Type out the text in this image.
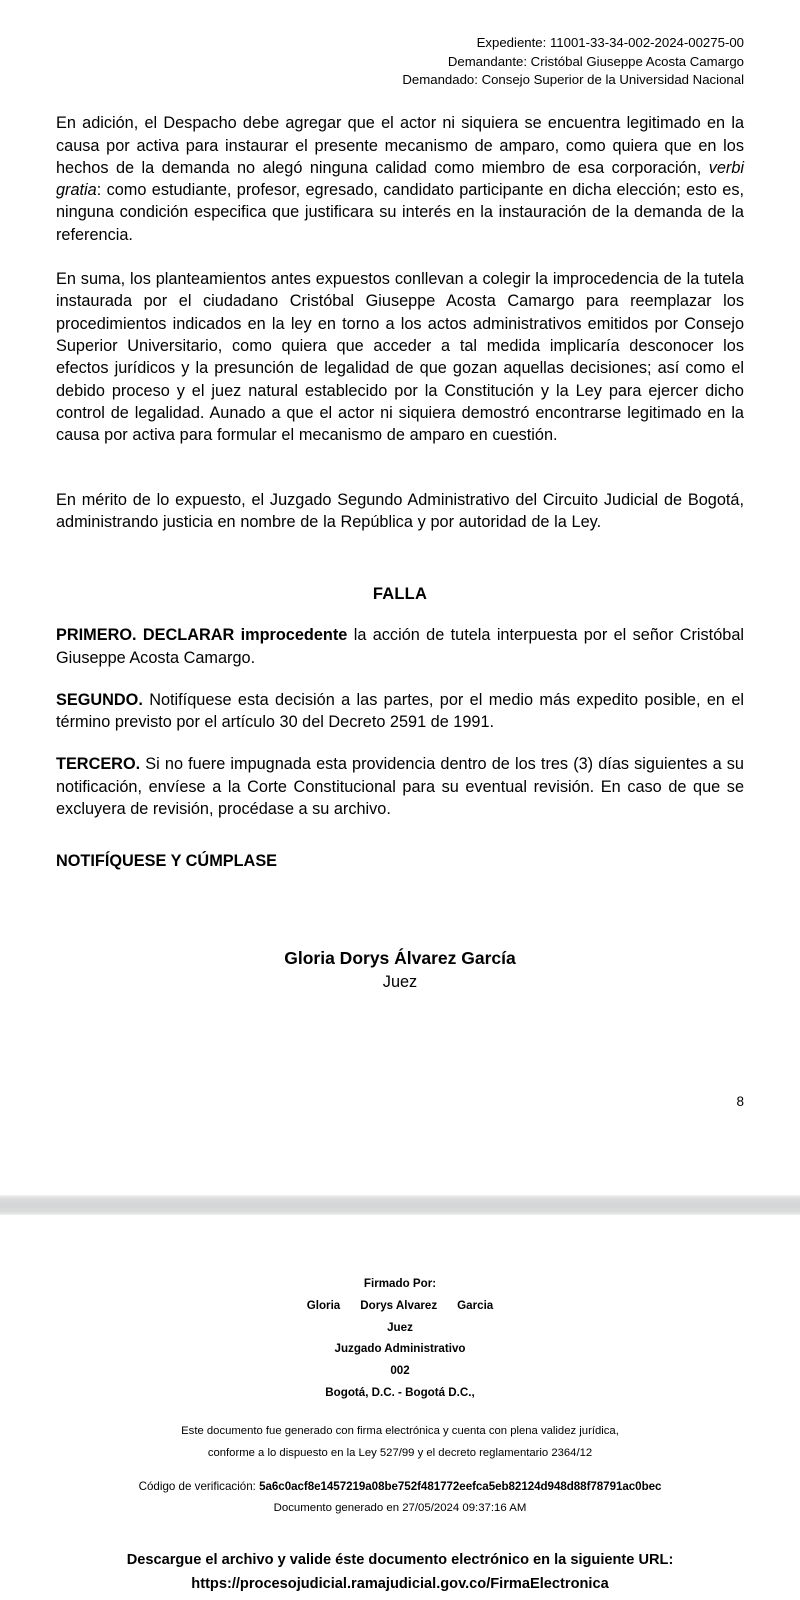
Expediente: 11001-33-34-002-2024-00275-00
Demandante: Cristóbal Giuseppe Acosta Camargo
Demandado: Consejo Superior de la Universidad Nacional

En adición, el Despacho debe agregar que el actor ni siquiera se encuentra legitimado en la causa por activa para instaurar el presente mecanismo de amparo, como quiera que en los hechos de la demanda no alegó ninguna calidad como miembro de esa corporación, verbi gratia: como estudiante, profesor, egresado, candidato participante en dicha elección; esto es, ninguna condición especifica que justificara su interés en la instauración de la demanda de la referencia.

En suma, los planteamientos antes expuestos conllevan a colegir la improcedencia de la tutela instaurada por el ciudadano Cristóbal Giuseppe Acosta Camargo para reemplazar los procedimientos indicados en la ley en torno a los actos administrativos emitidos por Consejo Superior Universitario, como quiera que acceder a tal medida implicaría desconocer los efectos jurídicos y la presunción de legalidad de que gozan aquellas decisiones; así como el debido proceso y el juez natural establecido por la Constitución y la Ley para ejercer dicho control de legalidad. Aunado a que el actor ni siquiera demostró encontrarse legitimado en la causa por activa para formular el mecanismo de amparo en cuestión.

En mérito de lo expuesto, el Juzgado Segundo Administrativo del Circuito Judicial de Bogotá, administrando justicia en nombre de la República y por autoridad de la Ley.

FALLA

PRIMERO. DECLARAR improcedente la acción de tutela interpuesta por el señor Cristóbal Giuseppe Acosta Camargo.

SEGUNDO. Notifíquese esta decisión a las partes, por el medio más expedito posible, en el término previsto por el artículo 30 del Decreto 2591 de 1991.

TERCERO. Si no fuere impugnada esta providencia dentro de los tres (3) días siguientes a su notificación, envíese a la Corte Constitucional para su eventual revisión. En caso de que se excluyera de revisión, procédase a su archivo.

NOTIFÍQUESE Y CÚMPLASE
Gloria Dorys Álvarez García
Juez
8
Firmado Por:
Gloria Dorys Alvarez Garcia
Juez
Juzgado Administrativo
002
Bogotá, D.C. - Bogotá D.C.,
Este documento fue generado con firma electrónica y cuenta con plena validez jurídica,
conforme a lo dispuesto en la Ley 527/99 y el decreto reglamentario 2364/12
Código de verificación: 5a6c0acf8e1457219a08be752f481772eefca5eb82124d948d88f78791ac0bec
Documento generado en 27/05/2024 09:37:16 AM
Descargue el archivo y valide éste documento electrónico en la siguiente URL:
https://procesojudicial.ramajudicial.gov.co/FirmaElectronica
